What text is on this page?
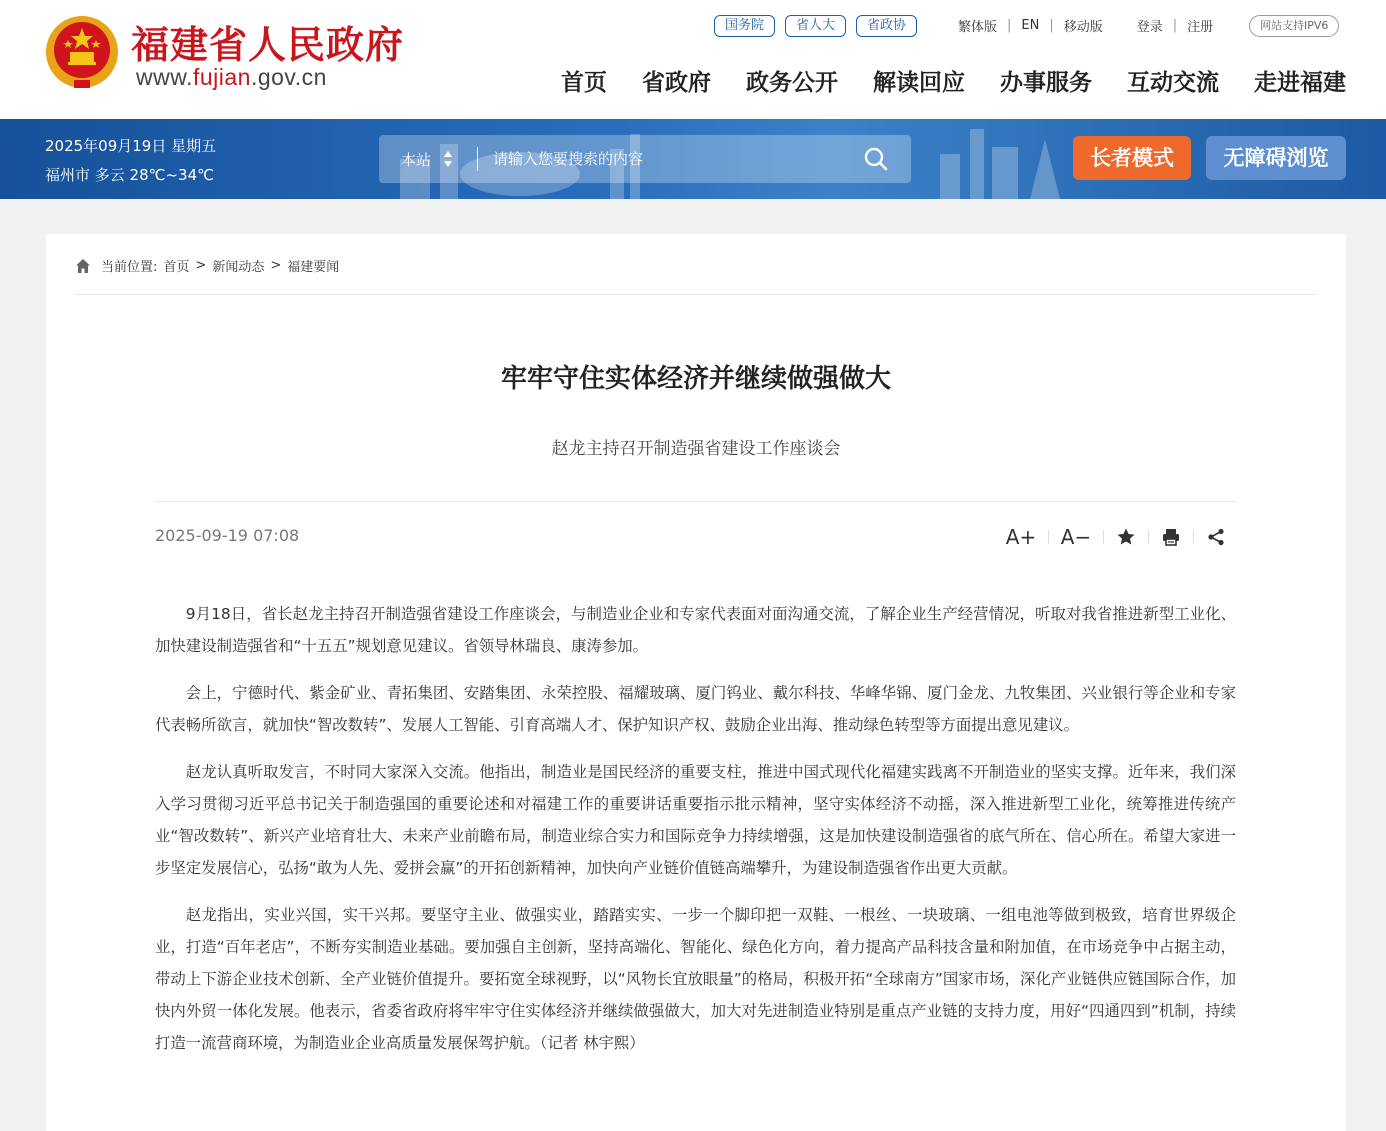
福建省人民政府
www.fujian.gov.cn
国务院	省人大	省政协	繁体版 | EN | 移动版	登录 | 注册	网站支持IPV6
首页 省政府 政务公开 解读回应 办事服务 互动交流 走进福建
2025年09月19日 星期五
福州市 多云 28℃~34℃
本站
请输入您要搜索的内容	长者模式	无障碍浏览
当前位置: 首页 > 新闻动态 > 福建要闻
牢牢守住实体经济并继续做强做大
赵龙主持召开制造强省建设工作座谈会
2025-09-19 07:08	A+ A−

9月18日，省长赵龙主持召开制造强省建设工作座谈会，与制造业企业和专家代表面对面沟通交流，了解企业生产经营情况，听取对我省推进新型工业化、加快建设制造强省和“十五五”规划意见建议。省领导林瑞良、康涛参加。

会上，宁德时代、紫金矿业、青拓集团、安踏集团、永荣控股、福耀玻璃、厦门钨业、戴尔科技、华峰华锦、厦门金龙、九牧集团、兴业银行等企业和专家代表畅所欲言，就加快“智改数转”、发展人工智能、引育高端人才、保护知识产权、鼓励企业出海、推动绿色转型等方面提出意见建议。

赵龙认真听取发言，不时同大家深入交流。他指出，制造业是国民经济的重要支柱，推进中国式现代化福建实践离不开制造业的坚实支撑。近年来，我们深入学习贯彻习近平总书记关于制造强国的重要论述和对福建工作的重要讲话重要指示批示精神，坚守实体经济不动摇，深入推进新型工业化，统筹推进传统产业“智改数转”、新兴产业培育壮大、未来产业前瞻布局，制造业综合实力和国际竞争力持续增强，这是加快建设制造强省的底气所在、信心所在。希望大家进一步坚定发展信心，弘扬“敢为人先、爱拼会赢”的开拓创新精神，加快向产业链价值链高端攀升，为建设制造强省作出更大贡献。

赵龙指出，实业兴国，实干兴邦。要坚守主业、做强实业，踏踏实实、一步一个脚印把一双鞋、一根丝、一块玻璃、一组电池等做到极致，培育世界级企业，打造“百年老店”，不断夯实制造业基础。要加强自主创新，坚持高端化、智能化、绿色化方向，着力提高产品科技含量和附加值，在市场竞争中占据主动，带动上下游企业技术创新、全产业链价值提升。要拓宽全球视野，以“风物长宜放眼量”的格局，积极开拓“全球南方”国家市场，深化产业链供应链国际合作，加快内外贸一体化发展。他表示，省委省政府将牢牢守住实体经济并继续做强做大，加大对先进制造业特别是重点产业链的支持力度，用好“四通四到”机制，持续打造一流营商环境，为制造业企业高质量发展保驾护航。（记者 林宇熙）
